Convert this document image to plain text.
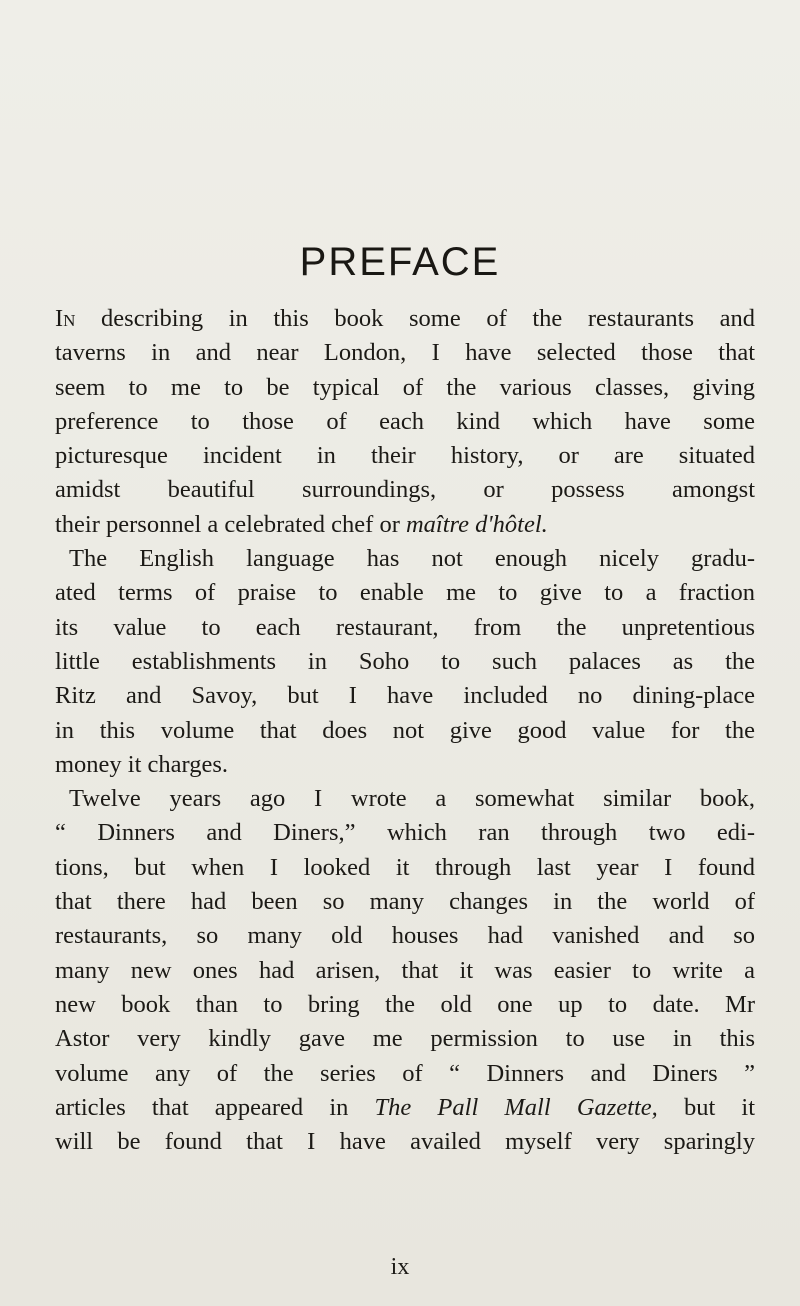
PREFACE
In describing in this book some of the restaurants and
taverns in and near London, I have selected those that
seem to me to be typical of the various classes, giving
preference to those of each kind which have some
picturesque incident in their history, or are situated
amidst beautiful surroundings, or possess amongst
their personnel a celebrated chef or maître d'hôtel.
The English language has not enough nicely gradu-
ated terms of praise to enable me to give to a fraction
its value to each restaurant, from the unpretentious
little establishments in Soho to such palaces as the
Ritz and Savoy, but I have included no dining-place
in this volume that does not give good value for the
money it charges.
Twelve years ago I wrote a somewhat similar book,
“ Dinners and Diners,” which ran through two edi-
tions, but when I looked it through last year I found
that there had been so many changes in the world of
restaurants, so many old houses had vanished and so
many new ones had arisen, that it was easier to write a
new book than to bring the old one up to date. Mr
Astor very kindly gave me permission to use in this
volume any of the series of “ Dinners and Diners ”
articles that appeared in The Pall Mall Gazette, but it
will be found that I have availed myself very sparingly
ix
